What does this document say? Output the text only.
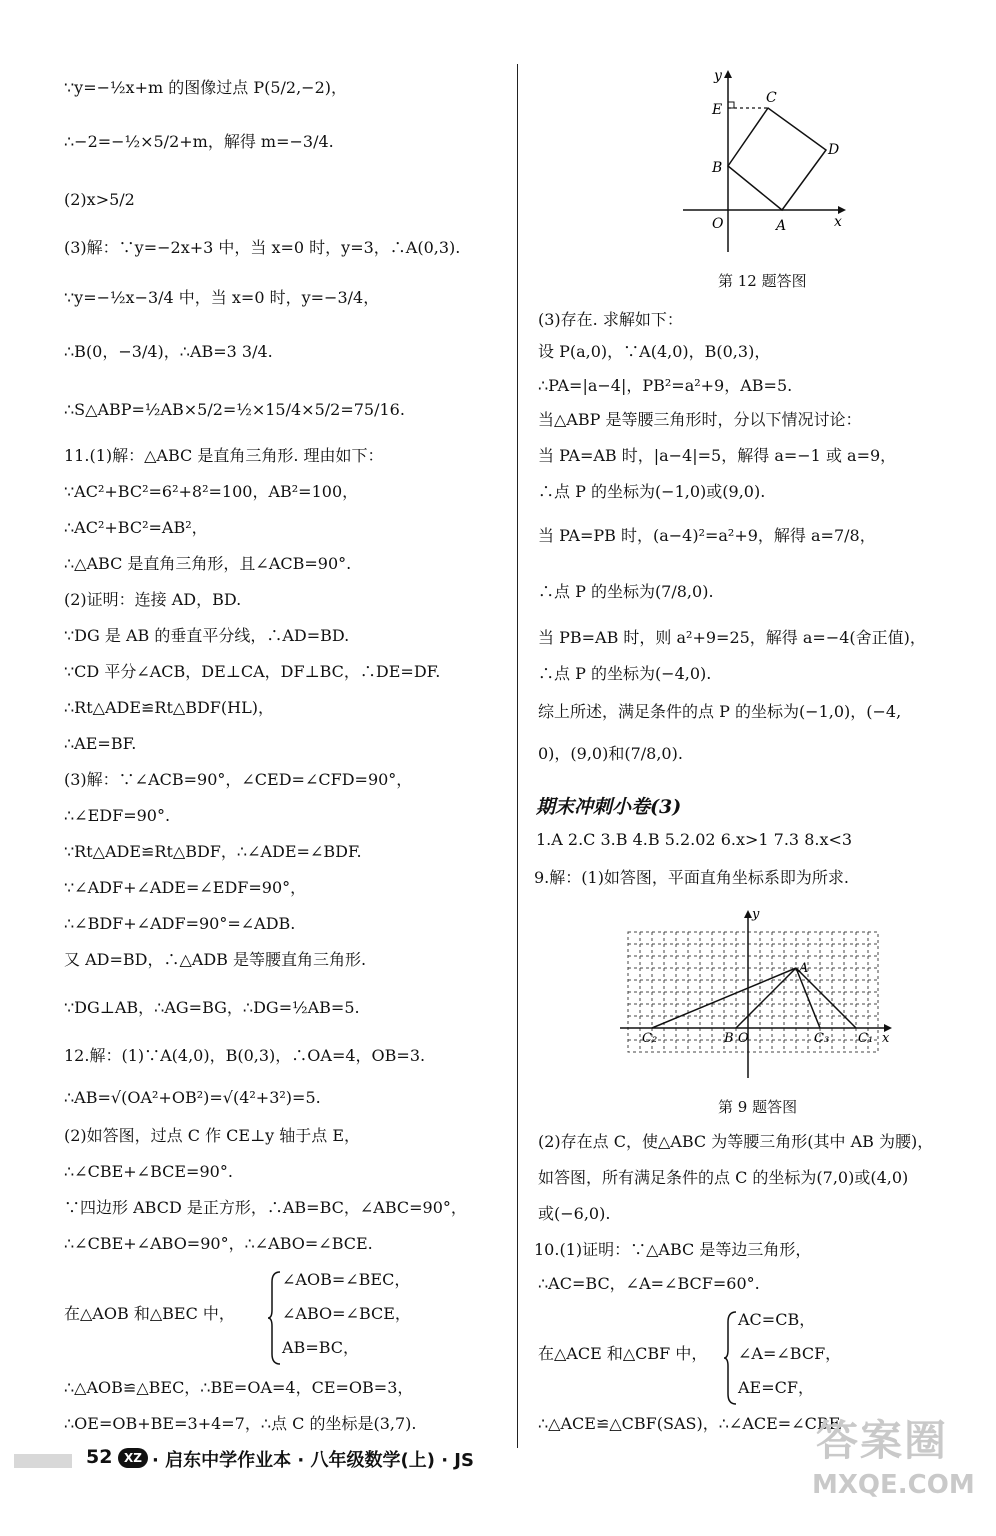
∵y=−½x+m 的图像过点 P(5/2,−2)，
∴−2=−½×5/2+m，解得 m=−3/4.
(2)x>5/2
(3)解：∵y=−2x+3 中，当 x=0 时，y=3，∴A(0,3).
∵y=−½x−3/4 中，当 x=0 时，y=−3/4，
∴B(0，−3/4)，∴AB=3 3/4.
∴S△ABP=½AB×5/2=½×15/4×5/2=75/16.
11.(1)解：△ABC 是直角三角形. 理由如下：
∵AC²+BC²=6²+8²=100，AB²=100，
∴AC²+BC²=AB²，
∴△ABC 是直角三角形，且∠ACB=90°.
(2)证明：连接 AD，BD.
∵DG 是 AB 的垂直平分线，∴AD=BD.
∵CD 平分∠ACB，DE⊥CA，DF⊥BC，∴DE=DF.
∴Rt△ADE≌Rt△BDF(HL)，
∴AE=BF.
(3)解：∵∠ACB=90°，∠CED=∠CFD=90°，
∴∠EDF=90°.
∵Rt△ADE≌Rt△BDF，∴∠ADE=∠BDF.
∵∠ADF+∠ADE=∠EDF=90°，
∴∠BDF+∠ADF=90°=∠ADB.
又 AD=BD，∴△ADB 是等腰直角三角形.
∵DG⊥AB，∴AG=BG，∴DG=½AB=5.
12.解：(1)∵A(4,0)，B(0,3)，∴OA=4，OB=3.
∴AB=√(OA²+OB²)=√(4²+3²)=5.
(2)如答图，过点 C 作 CE⊥y 轴于点 E，
∴∠CBE+∠BCE=90°.
∵四边形 ABCD 是正方形，∴AB=BC，∠ABC=90°，
∴∠CBE+∠ABO=90°，∴∠ABO=∠BCE.
∠AOB=∠BEC，
在△AOB 和△BEC 中，	∠ABO=∠BCE，
AB=BC，
∴△AOB≌△BEC，∴BE=OA=4，CE=OB=3，
∴OE=OB+BE=3+4=7，∴点 C 的坐标是(3,7).
y
x
O	A
B
C
D
E
第 12 题答图
(3)存在. 求解如下：
设 P(a,0)，∵A(4,0)，B(0,3)，
∴PA=|a−4|，PB²=a²+9，AB=5.
当△ABP 是等腰三角形时，分以下情况讨论：
当 PA=AB 时，|a−4|=5，解得 a=−1 或 a=9，
∴点 P 的坐标为(−1,0)或(9,0).
当 PA=PB 时，(a−4)²=a²+9，解得 a=7/8，
∴点 P 的坐标为(7/8,0).
当 PB=AB 时，则 a²+9=25，解得 a=−4(舍正值)，
∴点 P 的坐标为(−4,0).
综上所述，满足条件的点 P 的坐标为(−1,0)，(−4,
0)，(9,0)和(7/8,0).
期末冲刺小卷(3)
1.A 2.C 3.B 4.B 5.2.02 6.x>1 7.3 8.x<3
9.解：(1)如答图，平面直角坐标系即为所求.
y
x
A
B O	C₁
C₂	C₃
第 9 题答图
(2)存在点 C，使△ABC 为等腰三角形(其中 AB 为腰)，
如答图，所有满足条件的点 C 的坐标为(7,0)或(4,0)
或(−6,0).
10.(1)证明：∵△ABC 是等边三角形，
∴AC=BC，∠A=∠BCF=60°.
AC=CB，
在△ACE 和△CBF 中， ∠A=∠BCF，
AE=CF，
∴△ACE≌△CBF(SAS)，∴∠ACE=∠CBF.
52 XZ · 启东中学作业本 · 八年级数学(上) · JS	答案圈
MXQE.COM
